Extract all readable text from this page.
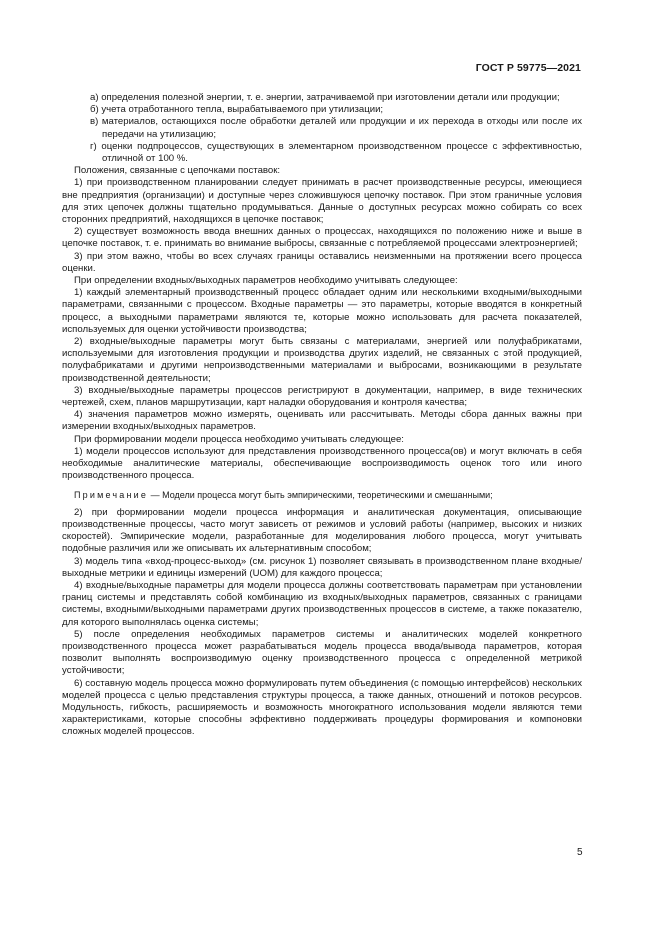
ГОСТ Р 59775—2021

а) определения полезной энергии, т. е. энергии, затрачиваемой при изготовлении детали или продукции;

б) учета отработанного тепла, вырабатываемого при утилизации;

в) материалов, остающихся после обработки деталей или продукции и их перехода в отходы или после их передачи на утилизацию;

г) оценки подпроцессов, существующих в элементарном производственном процессе с эффективностью, отличной от 100 %.

Положения, связанные с цепочками поставок:

1) при производственном планировании следует принимать в расчет производственные ресурсы, имеющиеся вне предприятия (организации) и доступные через сложившуюся цепочку поставок. При этом граничные условия для этих цепочек должны тщательно продумываться. Данные о доступных ресурсах можно собирать со всех сторонних предприятий, находящихся в цепочке поставок;

2) существует возможность ввода внешних данных о процессах, находящихся по положению ниже и выше в цепочке поставок, т. е. принимать во внимание выбросы, связанные с потребляемой процессами электроэнергией;

3) при этом важно, чтобы во всех случаях границы оставались неизменными на протяжении всего процесса оценки.

При определении входных/выходных параметров необходимо учитывать следующее:

1) каждый элементарный производственный процесс обладает одним или несколькими входными/выходными параметрами, связанными с процессом. Входные параметры — это параметры, которые вводятся в конкретный процесс, а выходными параметрами являются те, которые можно использовать для расчета показателей, используемых для оценки устойчивости производства;

2) входные/выходные параметры могут быть связаны с материалами, энергией или полуфабрикатами, используемыми для изготовления продукции и производства других изделий, не связанных с этой продукцией, полуфабрикатами и другими непроизводственными материалами и выбросами, возникающими в результате производственной деятельности;

3) входные/выходные параметры процессов регистрируют в документации, например, в виде технических чертежей, схем, планов маршрутизации, карт наладки оборудования и контроля качества;

4) значения параметров можно измерять, оценивать или рассчитывать. Методы сбора данных важны при измерении входных/выходных параметров.

При формировании модели процесса необходимо учитывать следующее:

1) модели процессов используют для представления производственного процесса(ов) и могут включать в себя необходимые аналитические материалы, обеспечивающие воспроизводимость оценок того или иного производственного процесса.

Примечание — Модели процесса могут быть эмпирическими, теоретическими и смешанными;

2) при формировании модели процесса информация и аналитическая документация, описывающие производственные процессы, часто могут зависеть от режимов и условий работы (например, высоких и низких скоростей). Эмпирические модели, разработанные для моделирования любого процесса, могут учитывать подобные различия или же описывать их альтернативным способом;

3) модель типа «вход-процесс-выход» (см. рисунок 1) позволяет связывать в производственном плане входные/выходные метрики и единицы измерений (UOM) для каждого процесса;

4) входные/выходные параметры для модели процесса должны соответствовать параметрам при установлении границ системы и представлять собой комбинацию из входных/выходных параметров, связанных с границами системы, входными/выходными параметрами других производственных процессов в системе, а также показателю, для которого выполнялась оценка системы;

5) после определения необходимых параметров системы и аналитических моделей конкретного производственного процесса может разрабатываться модель процесса ввода/вывода параметров, которая позволит выполнять воспроизводимую оценку производственного процесса с определенной метрикой устойчивости;

6) составную модель процесса можно формулировать путем объединения (с помощью интерфейсов) нескольких моделей процесса с целью представления структуры процесса, а также данных, отношений и потоков ресурсов. Модульность, гибкость, расширяемость и возможность многократного использования модели являются теми характеристиками, которые способны эффективно поддерживать процедуры формирования и компоновки сложных моделей процессов.

5
